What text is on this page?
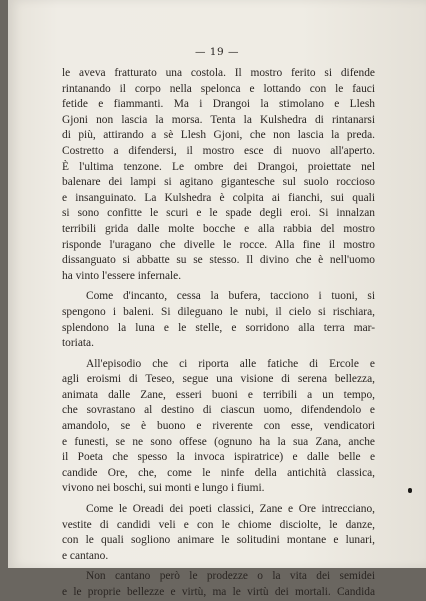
— 19 —
le aveva fratturato una costola. Il mostro ferito si difende
rintanando il corpo nella spelonca e lottando con le fauci
fetide e fiammanti. Ma i Drangoi la stimolano e Llesh
Gjoni non lascia la morsa. Tenta la Kulshedra di rintanarsi
di più, attirando a sè Llesh Gjoni, che non lascia la preda.
Costretto a difendersi, il mostro esce di nuovo all'aperto.
È l'ultima tenzone. Le ombre dei Drangoi, proiettate nel
balenare dei lampi si agitano gigantesche sul suolo roccioso
e insanguinato. La Kulshedra è colpita ai fianchi, sui quali
si sono confitte le scuri e le spade degli eroi. Si innalzan
terribili grida dalle molte bocche e alla rabbia del mostro
risponde l'uragano che divelle le rocce. Alla fine il mostro
dissanguato si abbatte su se stesso. Il divino che è nell'uomo
ha vinto l'essere infernale.
Come d'incanto, cessa la bufera, tacciono i tuoni, si
spengono i baleni. Si dileguano le nubi, il cielo si rischiara,
splendono la luna e le stelle, e sorridono alla terra mar-
toriata.
All'episodio che ci riporta alle fatiche di Ercole e
agli eroismi di Teseo, segue una visione di serena bellezza,
animata dalle Zane, esseri buoni e terribili a un tempo,
che sovrastano al destino di ciascun uomo, difendendolo e
amandolo, se è buono e riverente con esse, vendicatori
e funesti, se ne sono offese (ognuno ha la sua Zana, anche
il Poeta che spesso la invoca ispiratrice) e dalle belle e
candide Ore, che, come le ninfe della antichità classica,
vivono nei boschi, sui monti e lungo i fiumi.
Come le Oreadi dei poeti classici, Zane e Ore intrecciano,
vestite di candidi veli e con le chiome disciolte, le danze,
con le quali sogliono animare le solitudini montane e lunari,
e cantano.
Non cantano però le prodezze o la vita dei semidei
e le proprie bellezze e virtù, ma le virtù dei mortali. Candida
